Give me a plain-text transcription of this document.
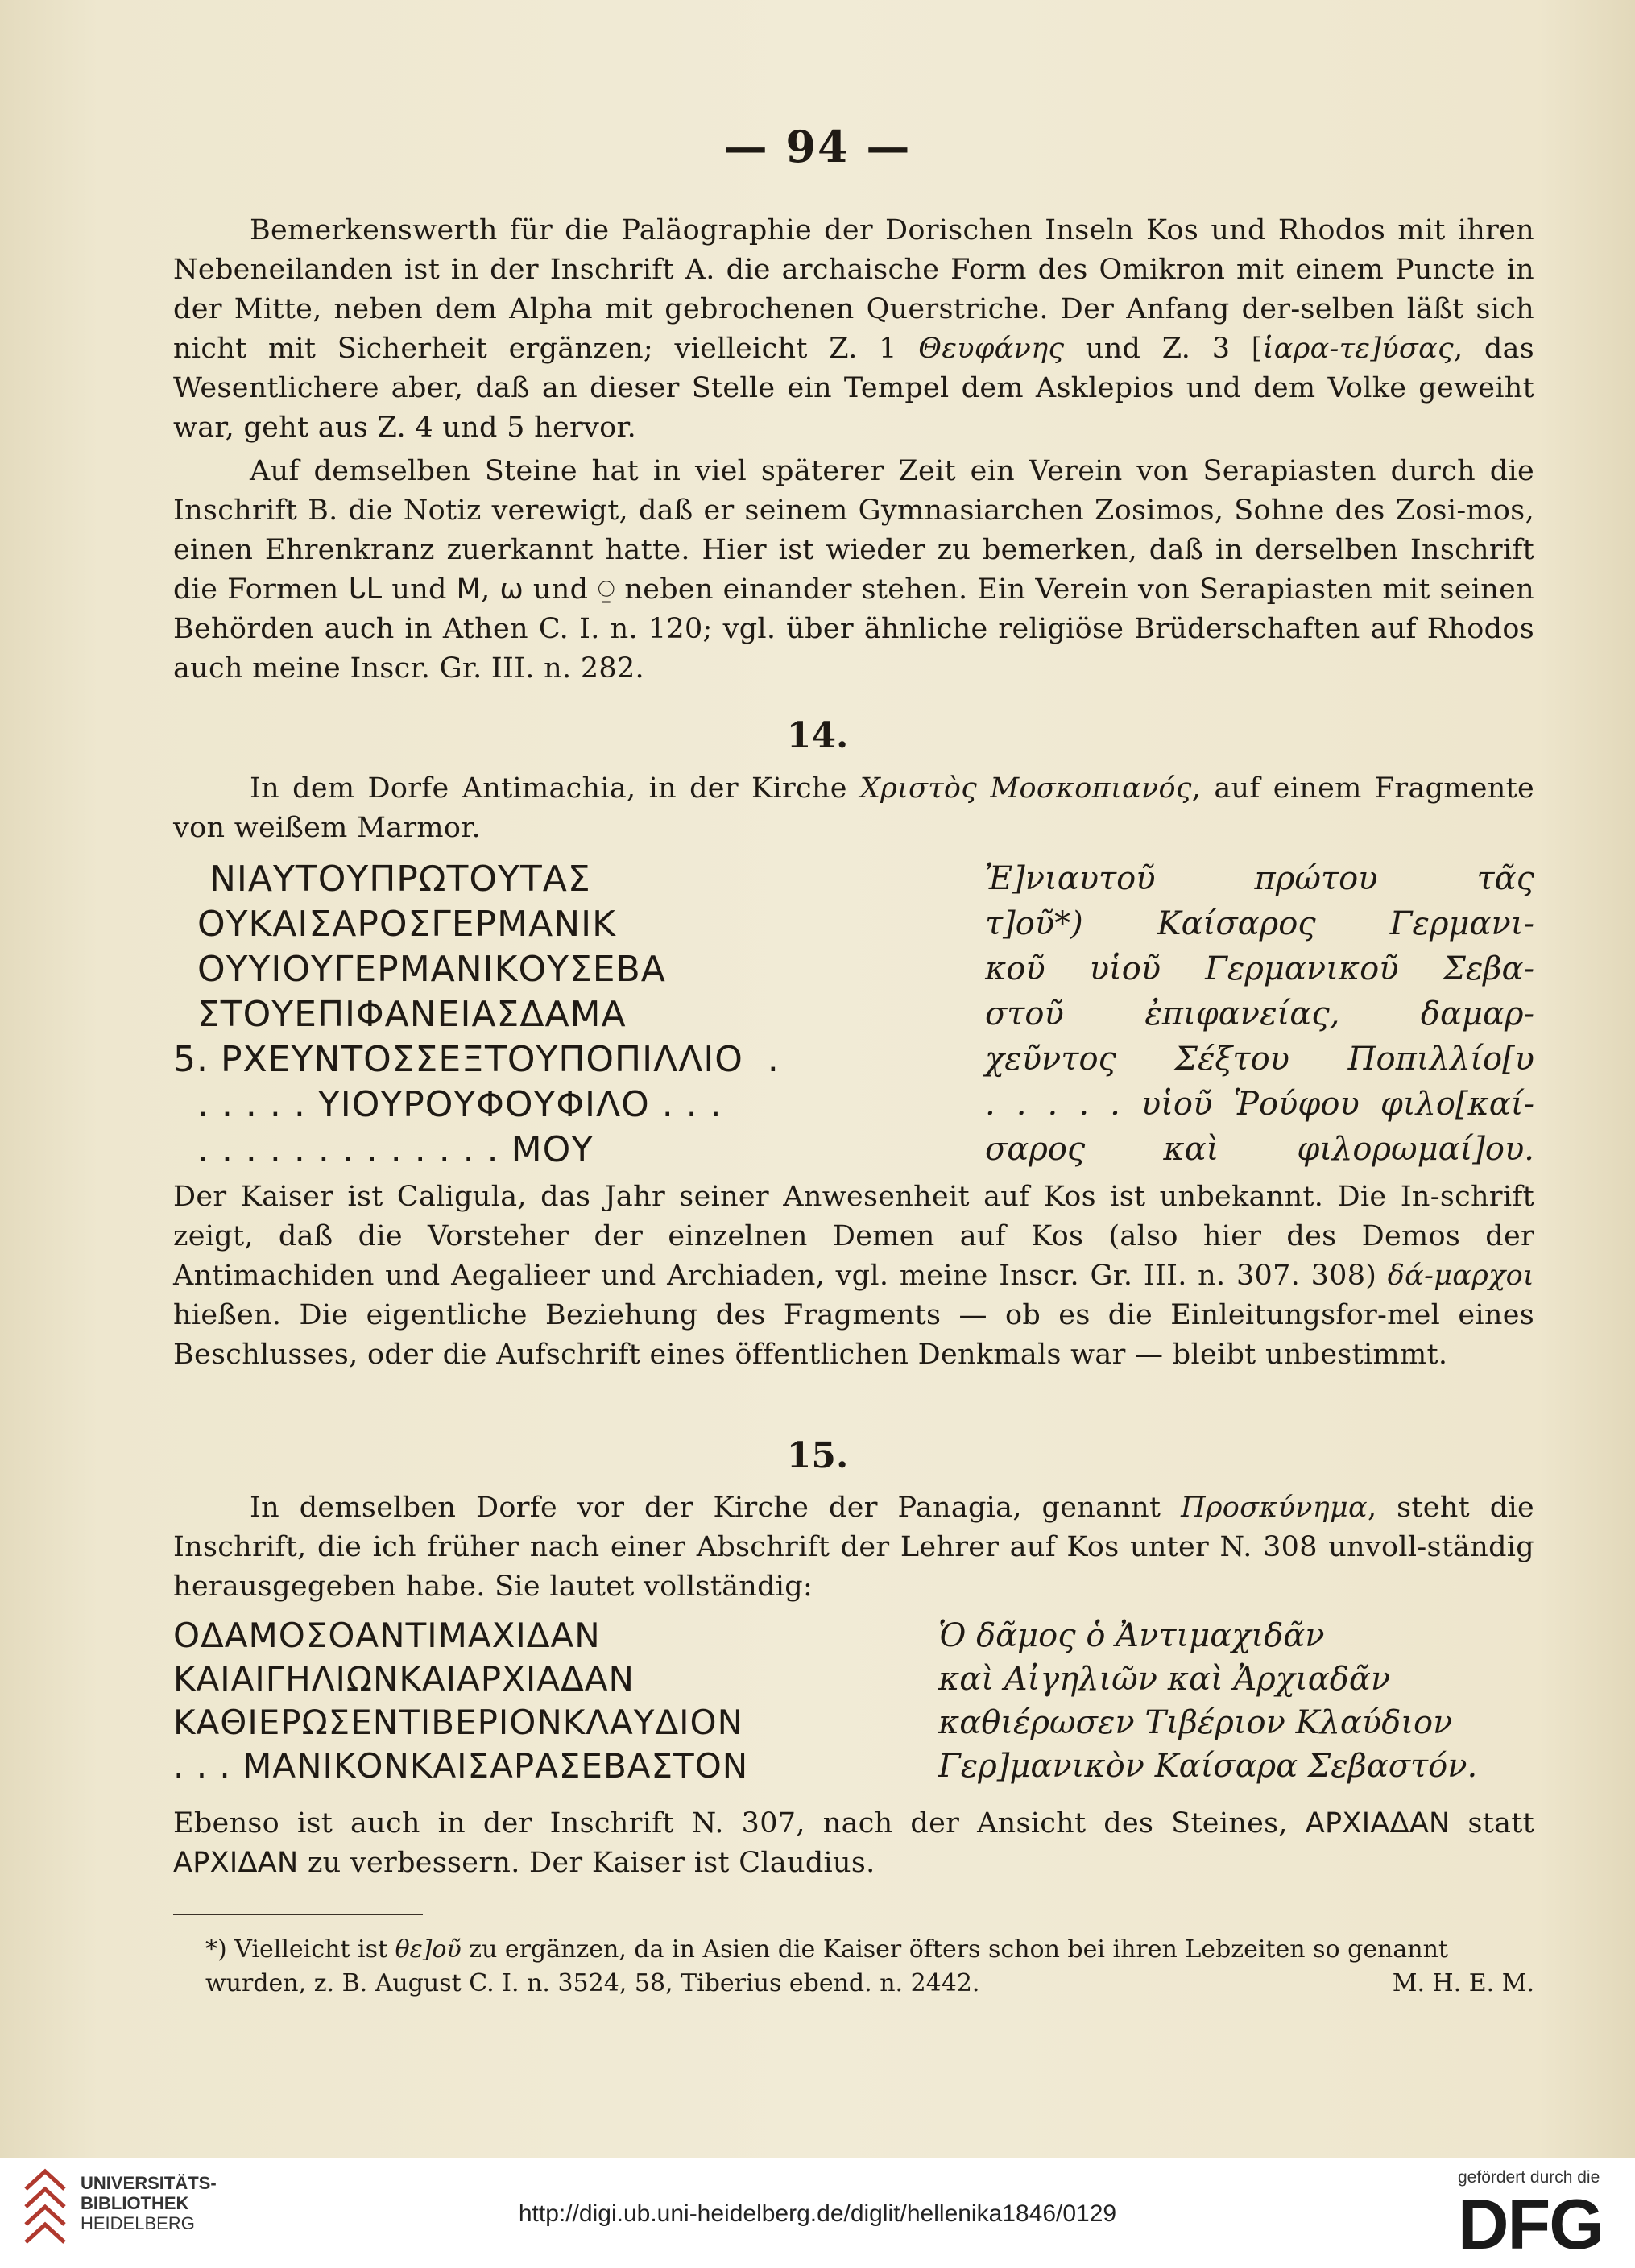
— 94 —
Bemerkenswerth für die Paläographie der Dorischen Inseln Kos und Rhodos mit ihren Nebeneilanden ist in der Inschrift A. die archaische Form des Omikron mit einem Puncte in der Mitte, neben dem Alpha mit gebrochenen Querstriche. Der Anfang der-selben läßt sich nicht mit Sicherheit ergänzen; vielleicht Z. 1 Θευφάνης und Z. 3 [ἱαρα-τε]ύσας, das Wesentlichere aber, daß an dieser Stelle ein Tempel dem Asklepios und dem Volke geweiht war, geht aus Z. 4 und 5 hervor.
Auf demselben Steine hat in viel späterer Zeit ein Verein von Serapiasten durch die Inschrift B. die Notiz verewigt, daß er seinem Gymnasiarchen Zosimos, Sohne des Zosi-mos, einen Ehrenkranz zuerkannt hatte. Hier ist wieder zu bemerken, daß in derselben Inschrift die Formen ᒐᒪ und M, ω und ⍜ neben einander stehen. Ein Verein von Serapiasten mit seinen Behörden auch in Athen C. I. n. 120; vgl. über ähnliche religiöse Brüderschaften auf Rhodos auch meine Inscr. Gr. III. n. 282.
14.
In dem Dorfe Antimachia, in der Kirche Χριστὸς Μοσκοπιανός, auf einem Fragmente von weißem Marmor.
ΝΙΑΥΤΟΥΠΡΩΤΟΥΤΑΣ	Ἐ]νιαυτοῦ πρώτου τᾶς
ΟΥΚΑΙΣΑΡΟΣΓΕΡΜΑΝΙΚ	τ]οῦ*) Καίσαρος Γερμανι-
ΟΥΥΙΟΥΓΕΡΜΑΝΙΚΟΥΣΕΒΑ	κοῦ υἱοῦ Γερμανικοῦ Σεβα-
ΣΤΟΥΕΠΙΦΑΝΕΙΑΣΔΑΜΑ	στοῦ ἐπιφανείας, δαμαρ-
5. ΡΧΕΥΝΤΟΣΣΕΞΤΟΥΠΟΠΙΛΛΙΟ  .	χεῦντος Σέξτου Ποπιλλίο[υ
. . . . . ΥΙΟΥΡΟΥΦΟΥΦΙΛΟ . . .	. . . . . υἱοῦ Ῥούφου φιλο[καί-
. . . . . . . . . . . . . ΜΟΥ	σαρος καὶ φιλορωμαί]ου.
Der Kaiser ist Caligula, das Jahr seiner Anwesenheit auf Kos ist unbekannt. Die In-schrift zeigt, daß die Vorsteher der einzelnen Demen auf Kos (also hier des Demos der Antimachiden und Aegalieer und Archiaden, vgl. meine Inscr. Gr. III. n. 307. 308) δά-μαρχοι hießen. Die eigentliche Beziehung des Fragments — ob es die Einleitungsfor-mel eines Beschlusses, oder die Aufschrift eines öffentlichen Denkmals war — bleibt unbestimmt.
15.
In demselben Dorfe vor der Kirche der Panagia, genannt Προσκύνημα, steht die Inschrift, die ich früher nach einer Abschrift der Lehrer auf Kos unter N. 308 unvoll-ständig herausgegeben habe. Sie lautet vollständig:
ΟΔΑΜΟΣΟΑΝΤΙΜΑΧΙΔΑΝ	Ὁ δᾶμος ὁ Ἀντιμαχιδᾶν
ΚΑΙΑΙΓΗΛΙΩΝΚΑΙΑΡΧΙΑΔΑΝ	καὶ Αἰγηλιῶν καὶ Ἀρχιαδᾶν
ΚΑΘΙΕΡΩΣΕΝΤΙΒΕΡΙΟΝΚΛΑΥΔΙΟΝ	καθιέρωσεν Τιβέριον Κλαύδιον
. . . ΜΑΝΙΚΟΝΚΑΙΣΑΡΑΣΕΒΑΣΤΟΝ	Γερ]μανικὸν Καίσαρα Σεβαστόν.
Ebenso ist auch in der Inschrift N. 307, nach der Ansicht des Steines, ΑΡΧΙΑΔΑΝ statt ΑΡΧΙΔΑΝ zu verbessern. Der Kaiser ist Claudius.
*) Vielleicht ist θε]οῦ zu ergänzen, da in Asien die Kaiser öfters schon bei ihren Lebzeiten so genannt
wurden, z. B. August C. I. n. 3524, 58, Tiberius ebend. n. 2442.	M. H. E. M.
UNIVERSITÄTS-
BIBLIOTHEK
HEIDELBERG	http://digi.ub.uni-heidelberg.de/diglit/hellenika1846/0129
gefördert durch die
DFG
